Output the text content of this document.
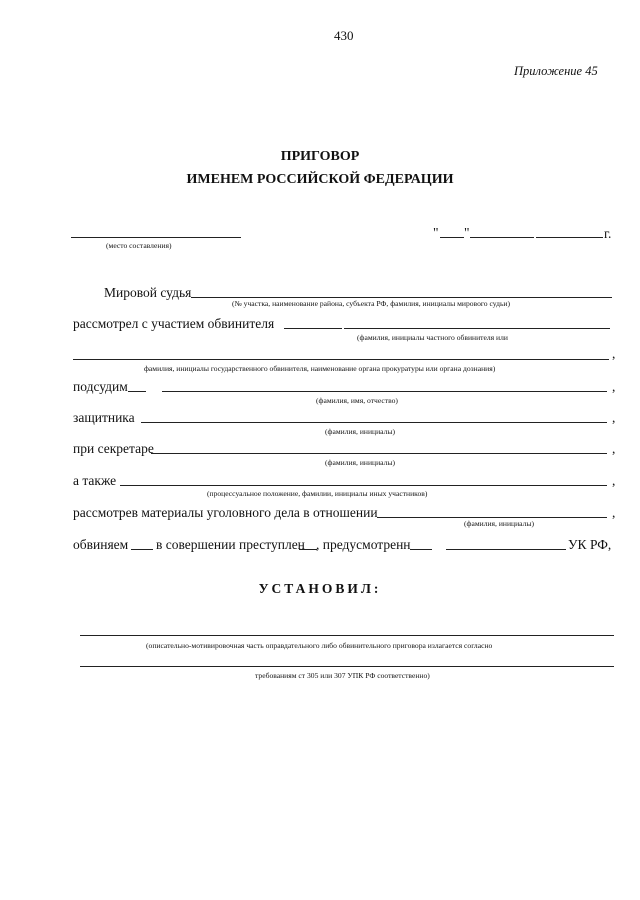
430
Приложение 45
ПРИГОВОР
ИМЕНЕМ РОССИЙСКОЙ ФЕДЕРАЦИИ
(место составления)
" "	г.
Мировой судья
(№ участка, наименование района, субъекта РФ, фамилия, инициалы мирового судьи)
рассмотрел с участием обвинителя
(фамилия, инициалы частного обвинителя или
,
фамилия, инициалы государственного обвинителя, наименование органа прокуратуры или органа дознания)
подсудим	,
(фамилия, имя, отчество)
защитника	,
(фамилия, инициалы)
при секретаре	,
(фамилия, инициалы)
а также	,
(процессуальное положение, фамилии, инициалы иных участников)
рассмотрев материалы уголовного дела в отношении	,
(фамилия, инициалы)
обвиняем в совершении преступлен , предусмотренн	УК РФ,
УСТАНОВИЛ:
(описательно-мотивировочная часть оправдательного либо обвинительного приговора излагается согласно
требованиям ст 305 или 307 УПК РФ соответственно)
